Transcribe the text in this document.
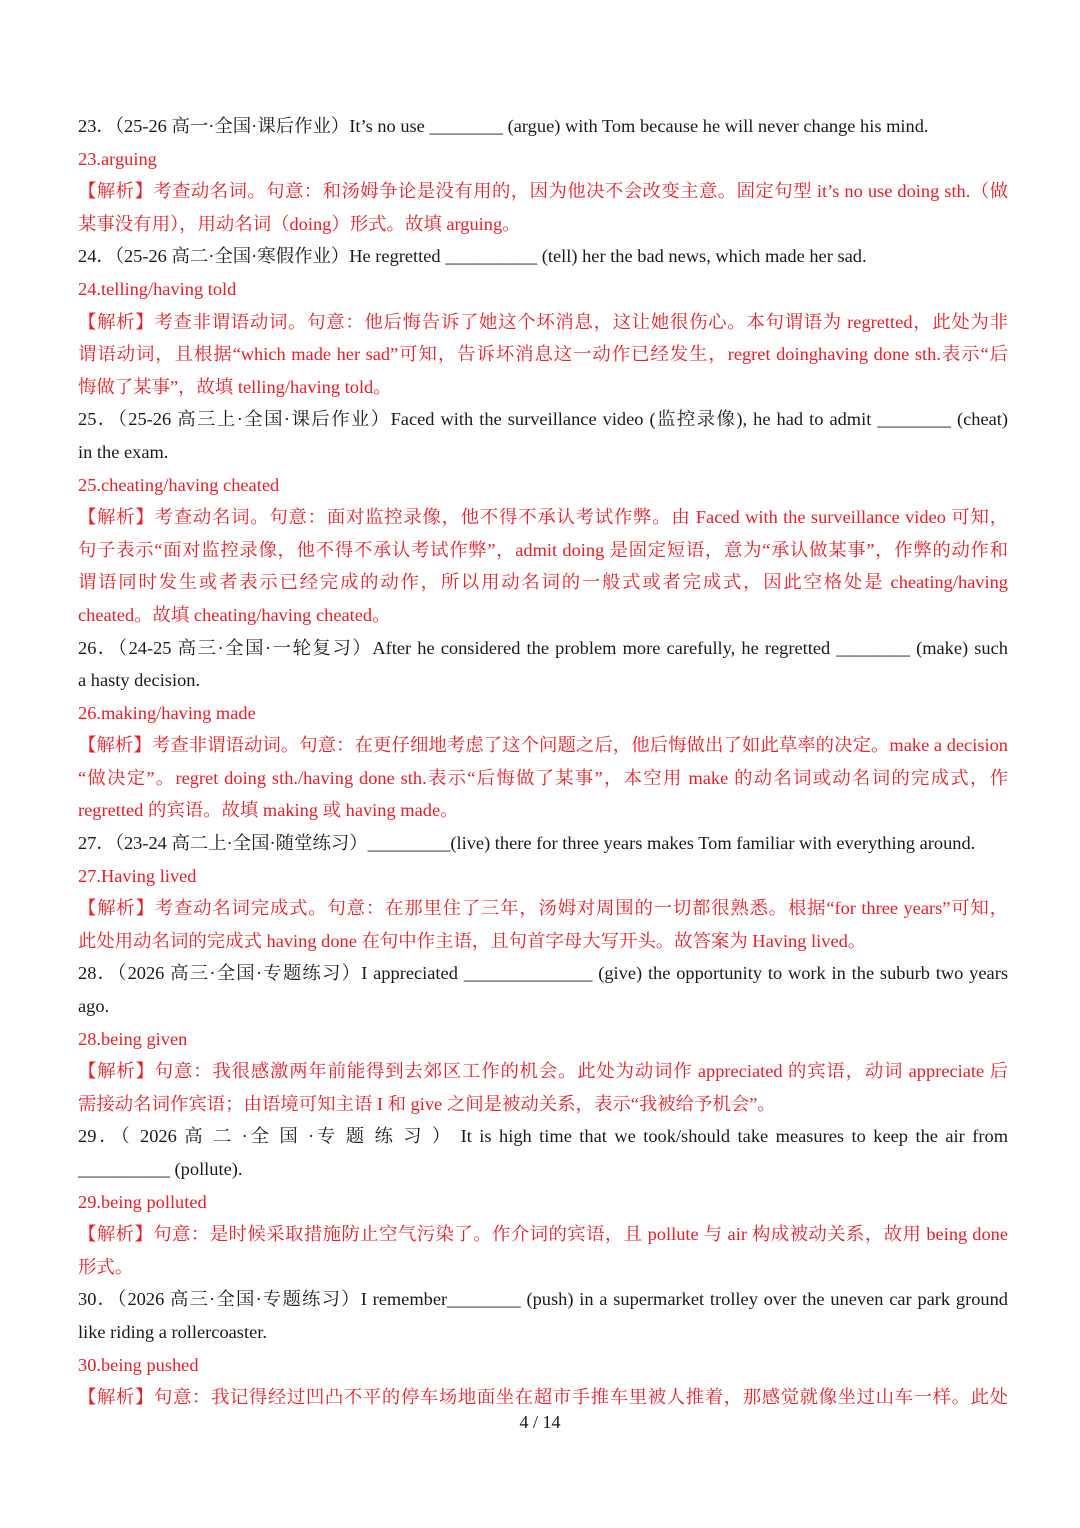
23．（25-26 高一·全国·课后作业）It’s no use ________ (argue) with Tom because he will never change his mind.

23.arguing

【解析】考查动名词。句意：和汤姆争论是没有用的，因为他决不会改变主意。固定句型 it’s no use doing sth.（做

某事没有用），用动名词（doing）形式。故填 arguing。

24．（25-26 高二·全国·寒假作业）He regretted __________ (tell) her the bad news, which made her sad.

24.telling/having told

【解析】考查非谓语动词。句意：他后悔告诉了她这个坏消息，这让她很伤心。本句谓语为 regretted，此处为非

谓语动词，且根据“which made her sad”可知，告诉坏消息这一动作已经发生，regret doinghaving done sth.表示“后

悔做了某事”，故填 telling/having told。

25．（25-26 高三上·全国·课后作业）Faced with the surveillance video (监控录像), he had to admit ________ (cheat)

in the exam.

25.cheating/having cheated

【解析】考查动名词。句意：面对监控录像，他不得不承认考试作弊。由 Faced with the surveillance video 可知，

句子表示“面对监控录像，他不得不承认考试作弊”，admit doing 是固定短语，意为“承认做某事”，作弊的动作和

谓语同时发生或者表示已经完成的动作，所以用动名词的一般式或者完成式，因此空格处是 cheating/having

cheated。故填 cheating/having cheated。

26．（24-25 高三·全国·一轮复习）After he considered the problem more carefully, he regretted ________ (make) such

a hasty decision.

26.making/having made

【解析】考查非谓语动词。句意：在更仔细地考虑了这个问题之后，他后悔做出了如此草率的决定。make a decision

“做决定”。regret doing sth./having done sth.表示“后悔做了某事”，本空用 make 的动名词或动名词的完成式，作

regretted 的宾语。故填 making 或 having made。

27．（23-24 高二上·全国·随堂练习）_________(live) there for three years makes Tom familiar with everything around.

27.Having lived

【解析】考查动名词完成式。句意：在那里住了三年，汤姆对周围的一切都很熟悉。根据“for three years”可知，

此处用动名词的完成式 having done 在句中作主语，且句首字母大写开头。故答案为 Having lived。

28．（2026 高三·全国·专题练习）I appreciated ______________ (give) the opportunity to work in the suburb two years

ago.

28.being given

【解析】句意：我很感激两年前能得到去郊区工作的机会。此处为动词作 appreciated 的宾语，动词 appreciate 后

需接动名词作宾语；由语境可知主语 I 和 give 之间是被动关系，表示“我被给予机会”。

29．（ 2026 高 二 ·全 国 ·专 题 练 习 ） It is high time that we took/should take measures to keep the air from

__________ (pollute).

29.being polluted

【解析】句意：是时候采取措施防止空气污染了。作介词的宾语，且 pollute 与 air 构成被动关系，故用 being done

形式。

30．（2026 高三·全国·专题练习）I remember________ (push) in a supermarket trolley over the uneven car park ground

like riding a rollercoaster.

30.being pushed

【解析】句意：我记得经过凹凸不平的停车场地面坐在超市手推车里被人推着，那感觉就像坐过山车一样。此处

4 / 14
